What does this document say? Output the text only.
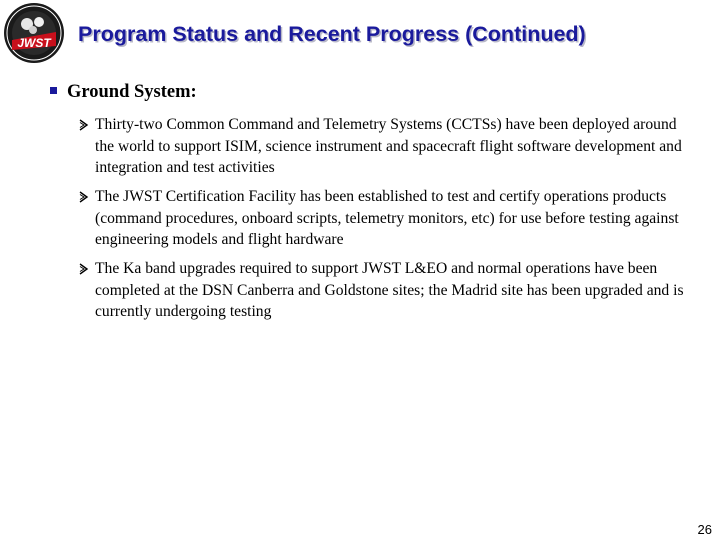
JWST Program Status and Recent Progress (Continued)
Ground System:
Thirty-two Common Command and Telemetry Systems (CCTSs) have been deployed around the world to support ISIM, science instrument and spacecraft flight software development and integration and test activities
The JWST Certification Facility has been established to test and certify operations products (command procedures, onboard scripts, telemetry monitors, etc) for use before testing against engineering models and flight hardware
The Ka band upgrades required to support JWST L&EO and normal operations have been completed at the DSN Canberra and Goldstone sites; the Madrid site has been upgraded and is currently undergoing testing
26
